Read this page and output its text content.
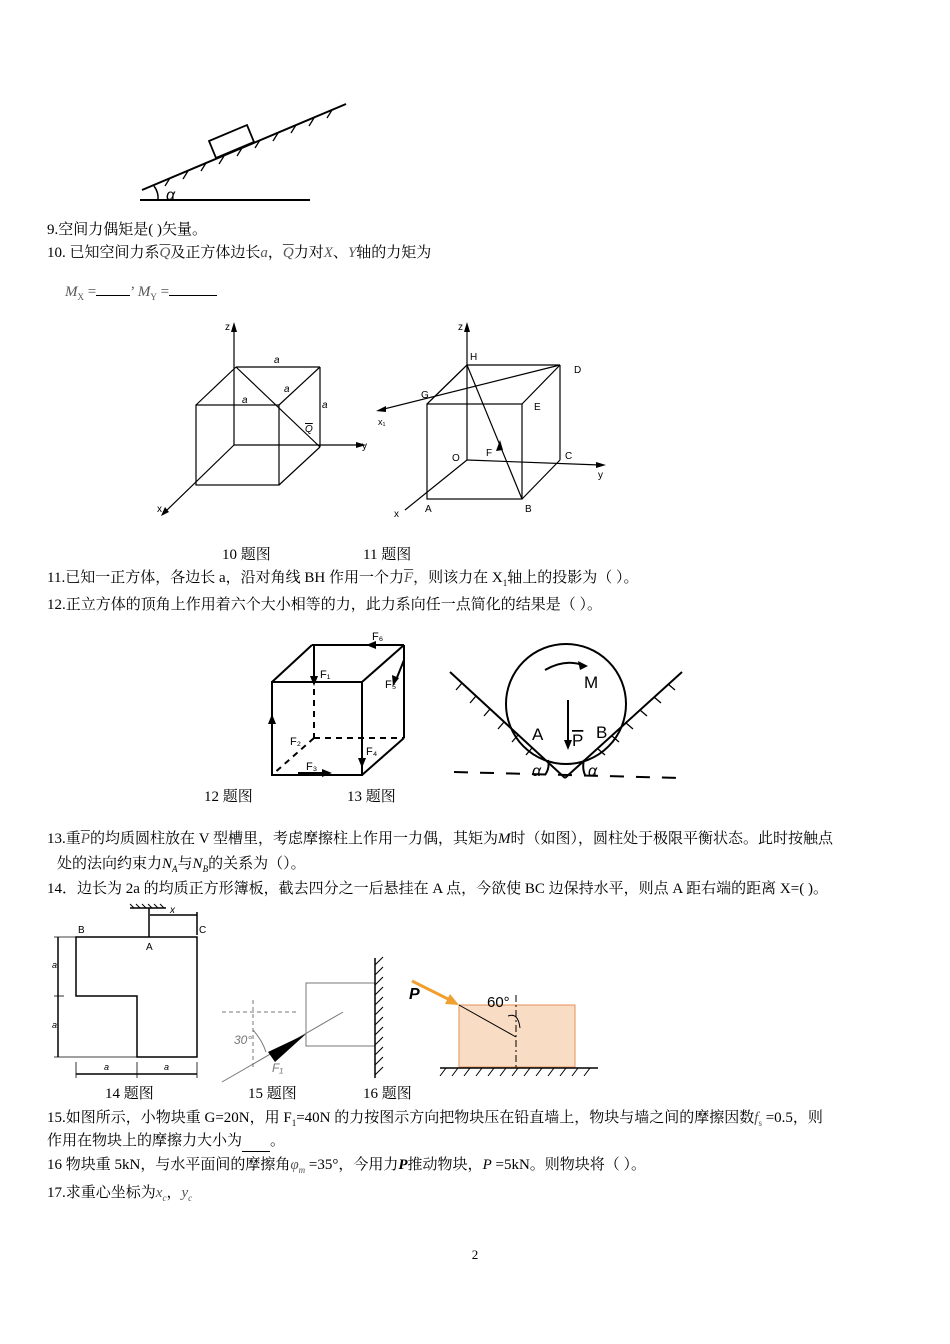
α
9.空间力偶矩是( )矢量。
10. 已知空间力系$\overline{Q}$及正方体边长a，$\overline{Q}$力对X、Y轴的力矩为
$M_X$ = ’ $M_Y$ =
z
y
x
a
a
a	a
Q
z
H
D
G
E
x₁
O	F	C
y
x	A	B
10 题图	11 题图
11.已知一正方体，各边长 a，沿对角线 BH 作用一个力$\overline{F}$，则该力在 $X_1$轴上的投影为（ ）。
12.正立方体的顶角上作用着六个大小相等的力，此力系向任一点简化的结果是（ ）。
F₁
F₂
F₃
F₄
F₅
F₆
M
A P B
α	α
12 题图	13 题图
13.重$\overline{P}$的均质圆柱放在 V 型槽里，考虑摩擦柱上作用一力偶，其矩为M时（如图），圆柱处于极限平衡状态。此时按触点
处的法向约束力$N_A$与$N_B$的关系为（）。
14．边长为 2a 的均质正方形簿板，截去四分之一后悬挂在 A 点，今欲使 BC 边保持水平，则点 A 距右端的距离 X=( )。
B
A
C
x
a
a
a	a
30°
F₁
P	60°
14 题图	15 题图	16 题图
15.如图所示，小物块重 G=20N，用 $F_1=40N$ 的力按图示方向把物块压在铅直墙上，物块与墙之间的摩擦因数$f_s =0.5$，则
作用在物块上的摩擦力大小为 。
16 物块重 5kN，与水平面间的摩擦角$\varphi_m =35^\circ$，今用力P推动物块，P =5kN。则物块将（ ）。
17.求重心坐标为$x_c$，$y_c$
2
